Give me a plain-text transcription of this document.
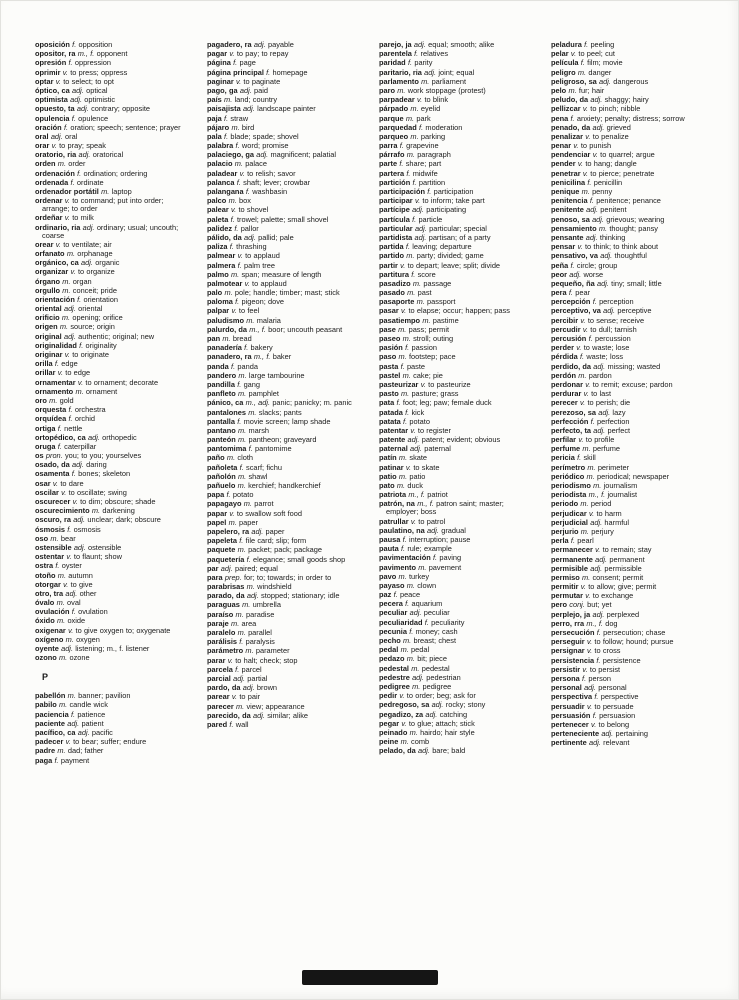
oposición f. opposition

opositor, ra m., f. opponent

opresión f. oppression

oprimir v. to press; oppress

optar v. to select; to opt

óptico, ca adj. optical

optimista adj. optimistic

opuesto, ta adj. contrary; opposite

opulencia f. opulence

oración f. oration; speech; sentence; prayer

oral adj. oral

orar v. to pray; speak

oratorio, ria adj. oratorical

orden m. order

ordenación f. ordination; ordering

ordenada f. ordinate

ordenador portátil m. laptop

ordenar v. to command; put into order; arrange; to order

ordeñar v. to milk

ordinario, ria adj. ordinary; usual; uncouth; coarse

orear v. to ventilate; air

orfanato m. orphanage

orgánico, ca adj. organic

organizar v. to organize

órgano m. organ

orgullo m. conceit; pride

orientación f. orientation

oriental adj. oriental

orificio m. opening; orifice

origen m. source; origin

original adj. authentic; original; new

originalidad f. originality

originar v. to originate

orilla f. edge

orillar v. to edge

ornamentar v. to ornament; decorate

ornamento m. ornament

oro m. gold

orquesta f. orchestra

orquídea f. orchid

ortiga f. nettle

ortopédico, ca adj. orthopedic

oruga f. caterpillar

os pron. you; to you; yourselves

osado, da adj. daring

osamenta f. bones; skeleton

osar v. to dare

oscilar v. to oscillate; swing

oscurecer v. to dim; obscure; shade

oscurecimiento m. darkening

oscuro, ra adj. unclear; dark; obscure

ósmosis f. osmosis

oso m. bear

ostensible adj. ostensible

ostentar v. to flaunt; show

ostra f. oyster

otoño m. autumn

otorgar v. to give

otro, tra adj. other

óvalo m. oval

ovulación f. ovulation

óxido m. oxide

oxigenar v. to give oxygen to; oxygenate

oxígeno m. oxygen

oyente adj. listening; m., f. listener

ozono m. ozone

P

pabellón m. banner; pavilion

pabilo m. candle wick

paciencia f. patience

paciente adj. patient

pacífico, ca adj. pacific

padecer v. to bear; suffer; endure

padre m. dad; father

paga f. payment

pagadero, ra adj. payable

pagar v. to pay; to repay

página f. page

página principal f. homepage

paginar v. to paginate

pago, ga adj. paid

país m. land; country

paisajista adj. landscape painter

paja f. straw

pájaro m. bird

pala f. blade; spade; shovel

palabra f. word; promise

palaciego, ga adj. magnificent; palatial

palacio m. palace

paladear v. to relish; savor

palanca f. shaft; lever; crowbar

palangana f. washbasin

palco m. box

palear v. to shovel

paleta f. trowel; palette; small shovel

palidez f. pallor

pálido, da adj. pallid; pale

paliza f. thrashing

palmear v. to applaud

palmera f. palm tree

palmo m. span; measure of length

palmotear v. to applaud

palo m. pole; handle; timber; mast; stick

paloma f. pigeon; dove

palpar v. to feel

paludismo m. malaria

palurdo, da m., f. boor; uncouth peasant

pan m. bread

panadería f. bakery

panadero, ra m., f. baker

panda f. panda

pandero m. large tambourine

pandilla f. gang

panfleto m. pamphlet

pánico, ca m., adj. panic; panicky; m. panic

pantalones m. slacks; pants

pantalla f. movie screen; lamp shade

pantano m. marsh

panteón m. pantheon; graveyard

pantomima f. pantomime

paño m. cloth

pañoleta f. scarf; fichu

pañolón m. shawl

pañuelo m. kerchief; handkerchief

papa f. potato

papagayo m. parrot

papar v. to swallow soft food

papel m. paper

papelero, ra adj. paper

papeleta f. file card; slip; form

paquete m. packet; pack; package

paquetería f. elegance; small goods shop

par adj. paired; equal

para prep. for; to; towards; in order to

parabrisas m. windshield

parado, da adj. stopped; stationary; idle

paraguas m. umbrella

paraíso m. paradise

paraje m. area

paralelo m. parallel

parálisis f. paralysis

parámetro m. parameter

parar v. to halt; check; stop

parcela f. parcel

parcial adj. partial

pardo, da adj. brown

parear v. to pair

parecer m. view; appearance

parecido, da adj. similar; alike

pared f. wall

parejo, ja adj. equal; smooth; alike

parentela f. relatives

paridad f. parity

paritario, ria adj. joint; equal

parlamento m. parliament

paro m. work stoppage (protest)

parpadear v. to blink

párpado m. eyelid

parque m. park

parquedad f. moderation

parqueo m. parking

parra f. grapevine

párrafo m. paragraph

parte f. share; part

partera f. midwife

partición f. partition

participación f. participation

participar v. to inform; take part

partícipe adj. participating

partícula f. particle

particular adj. particular; special

partidista adj. partisan; of a party

partida f. leaving; departure

partido m. party; divided; game

partir v. to depart; leave; split; divide

partitura f. score

pasadizo m. passage

pasado m. past

pasaporte m. passport

pasar v. to elapse; occur; happen; pass

pasatiempo m. pastime

pase m. pass; permit

paseo m. stroll; outing

pasión f. passion

paso m. footstep; pace

pasta f. paste

pastel m. cake; pie

pasteurizar v. to pasteurize

pasto m. pasture; grass

pata f. foot; leg; paw; female duck

patada f. kick

patata f. potato

patentar v. to register

patente adj. patent; evident; obvious

paternal adj. paternal

patín m. skate

patinar v. to skate

patio m. patio

pato m. duck

patriota m., f. patriot

patrón, na m., f. patron saint; master; employer; boss

patrullar v. to patrol

paulatino, na adj. gradual

pausa f. interruption; pause

pauta f. rule; example

pavimentación f. paving

pavimento m. pavement

pavo m. turkey

payaso m. clown

paz f. peace

pecera f. aquarium

peculiar adj. peculiar

peculiaridad f. peculiarity

pecunia f. money; cash

pecho m. breast; chest

pedal m. pedal

pedazo m. bit; piece

pedestal m. pedestal

pedestre adj. pedestrian

pedigree m. pedigree

pedir v. to order; beg; ask for

pedregoso, sa adj. rocky; stony

pegadizo, za adj. catching

pegar v. to glue; attach; stick

peinado m. hairdo; hair style

peine m. comb

pelado, da adj. bare; bald

peladura f. peeling

pelar v. to peel; cut

película f. film; movie

peligro m. danger

peligroso, sa adj. dangerous

pelo m. fur; hair

peludo, da adj. shaggy; hairy

pellizcar v. to pinch; nibble

pena f. anxiety; penalty; distress; sorrow

penado, da adj. grieved

penalizar v. to penalize

penar v. to punish

pendenciar v. to quarrel; argue

pender v. to hang; dangle

penetrar v. to pierce; penetrate

penicilina f. penicillin

penique m. penny

penitencia f. penitence; penance

penitente adj. penitent

penoso, sa adj. grievous; wearing

pensamiento m. thought; pansy

pensante adj. thinking

pensar v. to think; to think about

pensativo, va adj. thoughtful

peña f. circle; group

peor adj. worse

pequeño, ña adj. tiny; small; little

pera f. pear

percepción f. perception

perceptivo, va adj. perceptive

percibir v. to sense; receive

percudir v. to dull; tarnish

percusión f. percussion

perder v. to waste; lose

pérdida f. waste; loss

perdido, da adj. missing; wasted

perdón m. pardon

perdonar v. to remit; excuse; pardon

perdurar v. to last

perecer v. to perish; die

perezoso, sa adj. lazy

perfección f. perfection

perfecto, ta adj. perfect

perfilar v. to profile

perfume m. perfume

pericia f. skill

perímetro m. perimeter

periódico m. periodical; newspaper

periodismo m. journalism

periodista m., f. journalist

periodo m. period

perjudicar v. to harm

perjudicial adj. harmful

perjurio m. perjury

perla f. pearl

permanecer v. to remain; stay

permanente adj. permanent

permisible adj. permissible

permiso m. consent; permit

permitir v. to allow; give; permit

permutar v. to exchange

pero conj. but; yet

perplejo, ja adj. perplexed

perro, rra m., f. dog

persecución f. persecution; chase

perseguir v. to follow; hound; pursue

persignar v. to cross

persistencia f. persistence

persistir v. to persist

persona f. person

personal adj. personal

perspectiva f. perspective

persuadir v. to persuade

persuasión f. persuasion

pertenecer v. to belong

perteneciente adj. pertaining

pertinente adj. relevant
